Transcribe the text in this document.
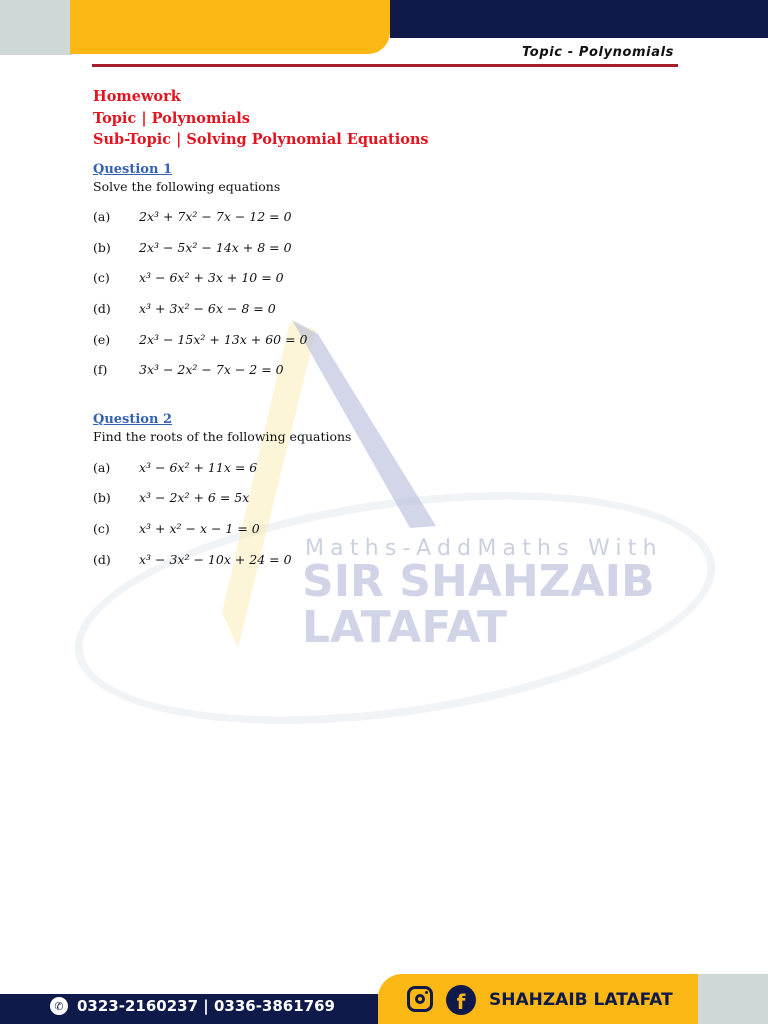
Topic - Polynomials
Maths-AddMaths With
SIR SHAHZAIB
LATAFAT
Homework
Topic | Polynomials
Sub-Topic | Solving Polynomial Equations
Question 1
Solve the following equations
(a)	2x³ + 7x² − 7x − 12 = 0
(b)	2x³ − 5x² − 14x + 8 = 0
(c)	x³ − 6x² + 3x + 10 = 0
(d)	x³ + 3x² − 6x − 8 = 0
(e)	2x³ − 15x² + 13x + 60 = 0
(f)	3x³ − 2x² − 7x − 2 = 0
Question 2
Find the roots of the following equations
(a)	x³ − 6x² + 11x = 6
(b)	x³ − 2x² + 6 = 5x
(c)	x³ + x² − x − 1 = 0
(d)	x³ − 3x² − 10x + 24 = 0
✆ 0323-2160237 | 0336-3861769	f	SHAHZAIB LATAFAT
